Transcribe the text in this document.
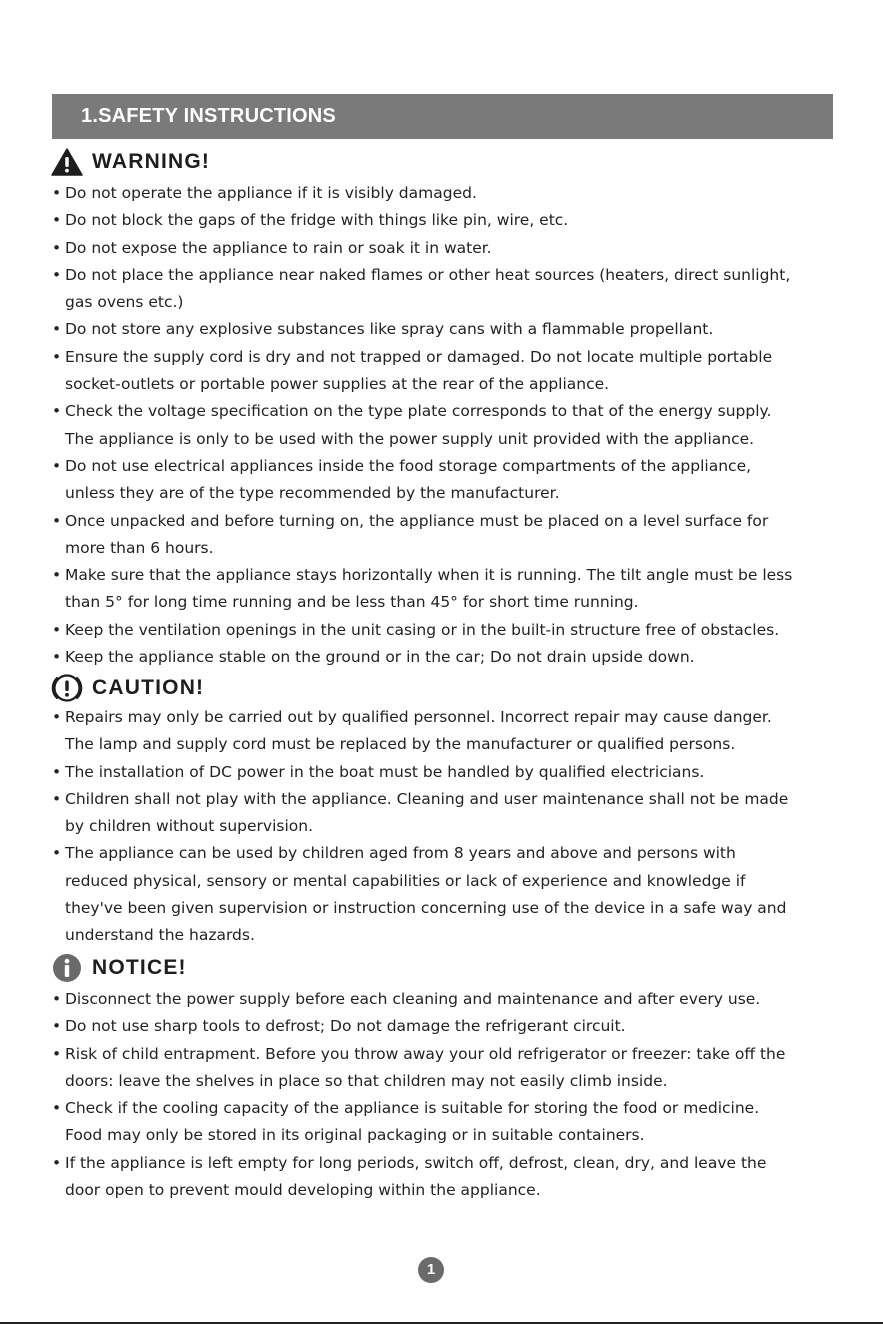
1.SAFETY INSTRUCTIONS
WARNING!
• Do not operate the appliance if it is visibly damaged.
• Do not block the gaps of the fridge with things like pin, wire, etc.
• Do not expose the appliance to rain or soak it in water.
• Do not place the appliance near naked flames or other heat sources (heaters, direct sunlight,
gas ovens etc.)
• Do not store any explosive substances like spray cans with a flammable propellant.
• Ensure the supply cord is dry and not trapped or damaged. Do not locate multiple portable
socket-outlets or portable power supplies at the rear of the appliance.
• Check the voltage specification on the type plate corresponds to that of the energy supply.
The appliance is only to be used with the power supply unit provided with the appliance.
• Do not use electrical appliances inside the food storage compartments of the appliance,
unless they are of the type recommended by the manufacturer.
• Once unpacked and before turning on, the appliance must be placed on a level surface for
more than 6 hours.
• Make sure that the appliance stays horizontally when it is running. The tilt angle must be less
than 5° for long time running and be less than 45° for short time running.
• Keep the ventilation openings in the unit casing or in the built-in structure free of obstacles.
• Keep the appliance stable on the ground or in the car; Do not drain upside down.
CAUTION!
• Repairs may only be carried out by qualified personnel. Incorrect repair may cause danger.
The lamp and supply cord must be replaced by the manufacturer or qualified persons.
• The installation of DC power in the boat must be handled by qualified electricians.
• Children shall not play with the appliance. Cleaning and user maintenance shall not be made
by children without supervision.
• The appliance can be used by children aged from 8 years and above and persons with
reduced physical, sensory or mental capabilities or lack of experience and knowledge if
they've been given supervision or instruction concerning use of the device in a safe way and
understand the hazards.
NOTICE!
• Disconnect the power supply before each cleaning and maintenance and after every use.
• Do not use sharp tools to defrost; Do not damage the refrigerant circuit.
• Risk of child entrapment. Before you throw away your old refrigerator or freezer: take off the
doors: leave the shelves in place so that children may not easily climb inside.
• Check if the cooling capacity of the appliance is suitable for storing the food or medicine.
Food may only be stored in its original packaging or in suitable containers.
• If the appliance is left empty for long periods, switch off, defrost, clean, dry, and leave the
door open to prevent mould developing within the appliance.
1
